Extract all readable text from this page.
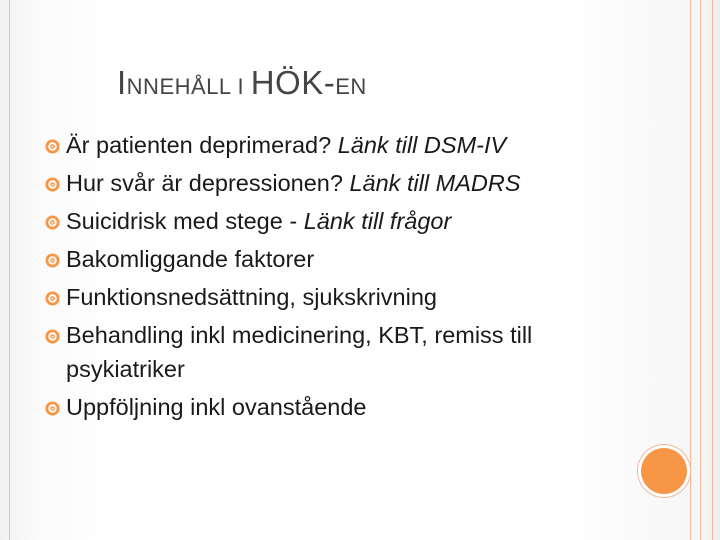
INNEHÅLL I HÖK-EN
Är patienten deprimerad? Länk till DSM-IV
Hur svår är depressionen? Länk till MADRS
Suicidrisk med stege - Länk till frågor
Bakomliggande faktorer
Funktionsnedsättning, sjukskrivning
Behandling inkl medicinering, KBT, remiss till psykiatriker
Uppföljning inkl ovanstående
